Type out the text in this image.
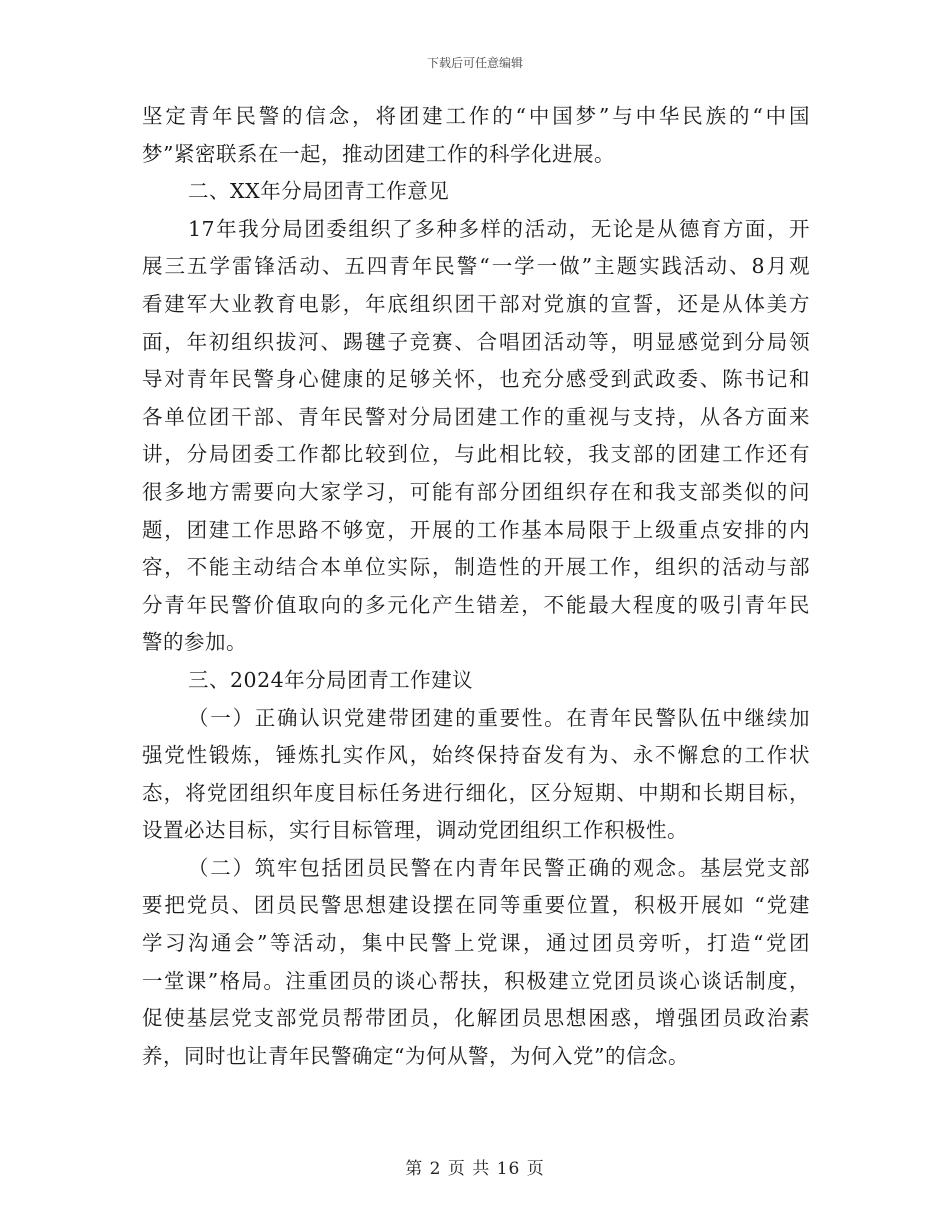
下载后可任意编辑
坚定青年民警的信念，将团建工作的“中国梦”与中华民族的“中国
梦”紧密联系在一起，推动团建工作的科学化进展。
二、XX年分局团青工作意见
17年我分局团委组织了多种多样的活动，无论是从德育方面，开
展三五学雷锋活动、五四青年民警“一学一做”主题实践活动、8月观
看建军大业教育电影，年底组织团干部对党旗的宣誓，还是从体美方
面，年初组织拔河、踢毽子竞赛、合唱团活动等，明显感觉到分局领
导对青年民警身心健康的足够关怀，也充分感受到武政委、陈书记和
各单位团干部、青年民警对分局团建工作的重视与支持，从各方面来
讲，分局团委工作都比较到位，与此相比较，我支部的团建工作还有
很多地方需要向大家学习，可能有部分团组织存在和我支部类似的问
题，团建工作思路不够宽，开展的工作基本局限于上级重点安排的内
容，不能主动结合本单位实际，制造性的开展工作，组织的活动与部
分青年民警价值取向的多元化产生错差，不能最大程度的吸引青年民
警的参加。
三、2024年分局团青工作建议
（一）正确认识党建带团建的重要性。在青年民警队伍中继续加
强党性锻炼，锤炼扎实作风，始终保持奋发有为、永不懈怠的工作状
态，将党团组织年度目标任务进行细化，区分短期、中期和长期目标，
设置必达目标，实行目标管理，调动党团组织工作积极性。
（二）筑牢包括团员民警在内青年民警正确的观念。基层党支部
要把党员、团员民警思想建设摆在同等重要位置，积极开展如 “党建
学习沟通会”等活动，集中民警上党课，通过团员旁听，打造“党团
一堂课”格局。注重团员的谈心帮扶，积极建立党团员谈心谈话制度，
促使基层党支部党员帮带团员，化解团员思想困惑，增强团员政治素
养，同时也让青年民警确定“为何从警，为何入党”的信念。
第 2 页 共 16 页
